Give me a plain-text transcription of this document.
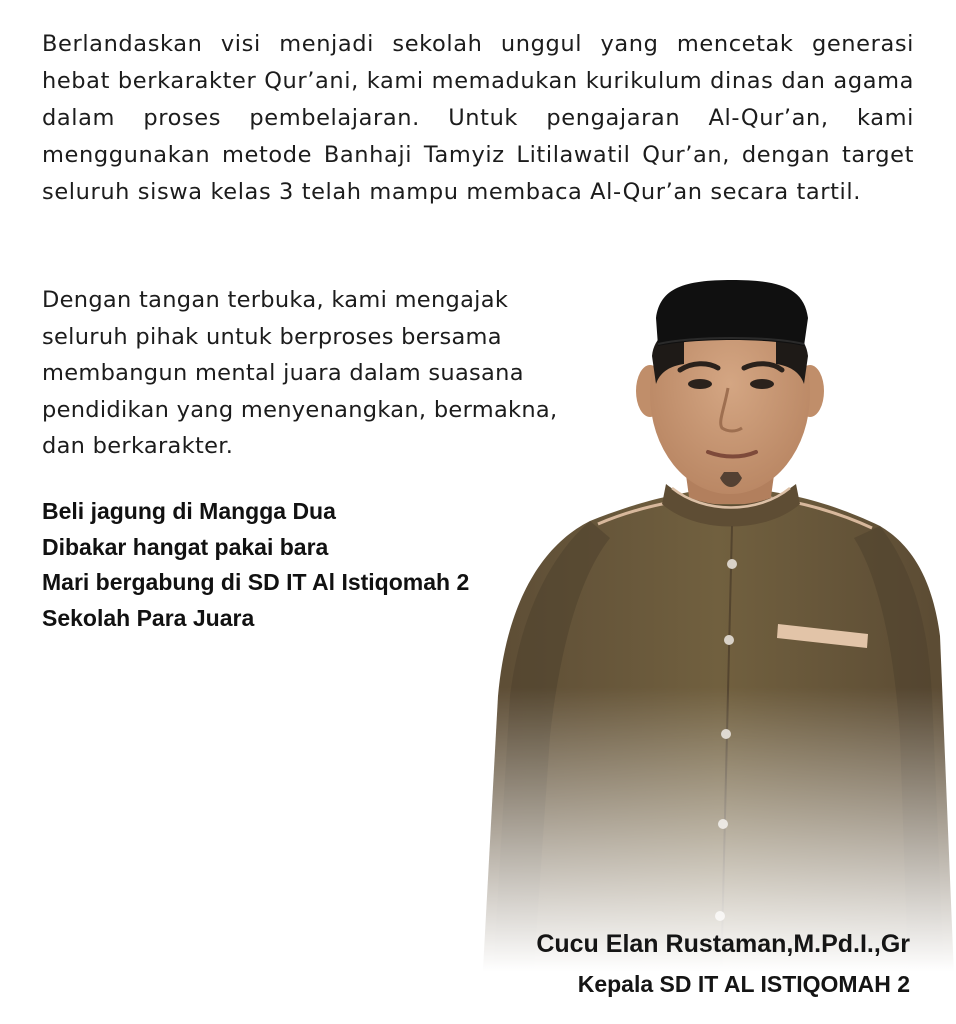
Berlandaskan visi menjadi sekolah unggul yang mencetak generasi hebat berkarakter Qur’ani, kami memadukan kurikulum dinas dan agama dalam proses pembelajaran. Untuk pengajaran Al-Qur’an, kami menggunakan metode Banhaji Tamyiz Litilawatil Qur’an, dengan target seluruh siswa kelas 3 telah mampu membaca Al-Qur’an secara tartil.

Dengan tangan terbuka, kami mengajak seluruh pihak untuk berproses bersama membangun mental juara dalam suasana pendidikan yang menyenangkan, bermakna, dan berkarakter.

Beli jagung di Mangga Dua
Dibakar hangat pakai bara
Mari bergabung di SD IT Al Istiqomah 2
Sekolah Para Juara
Cucu Elan Rustaman,M.Pd.I.,Gr
Kepala SD IT AL ISTIQOMAH 2
